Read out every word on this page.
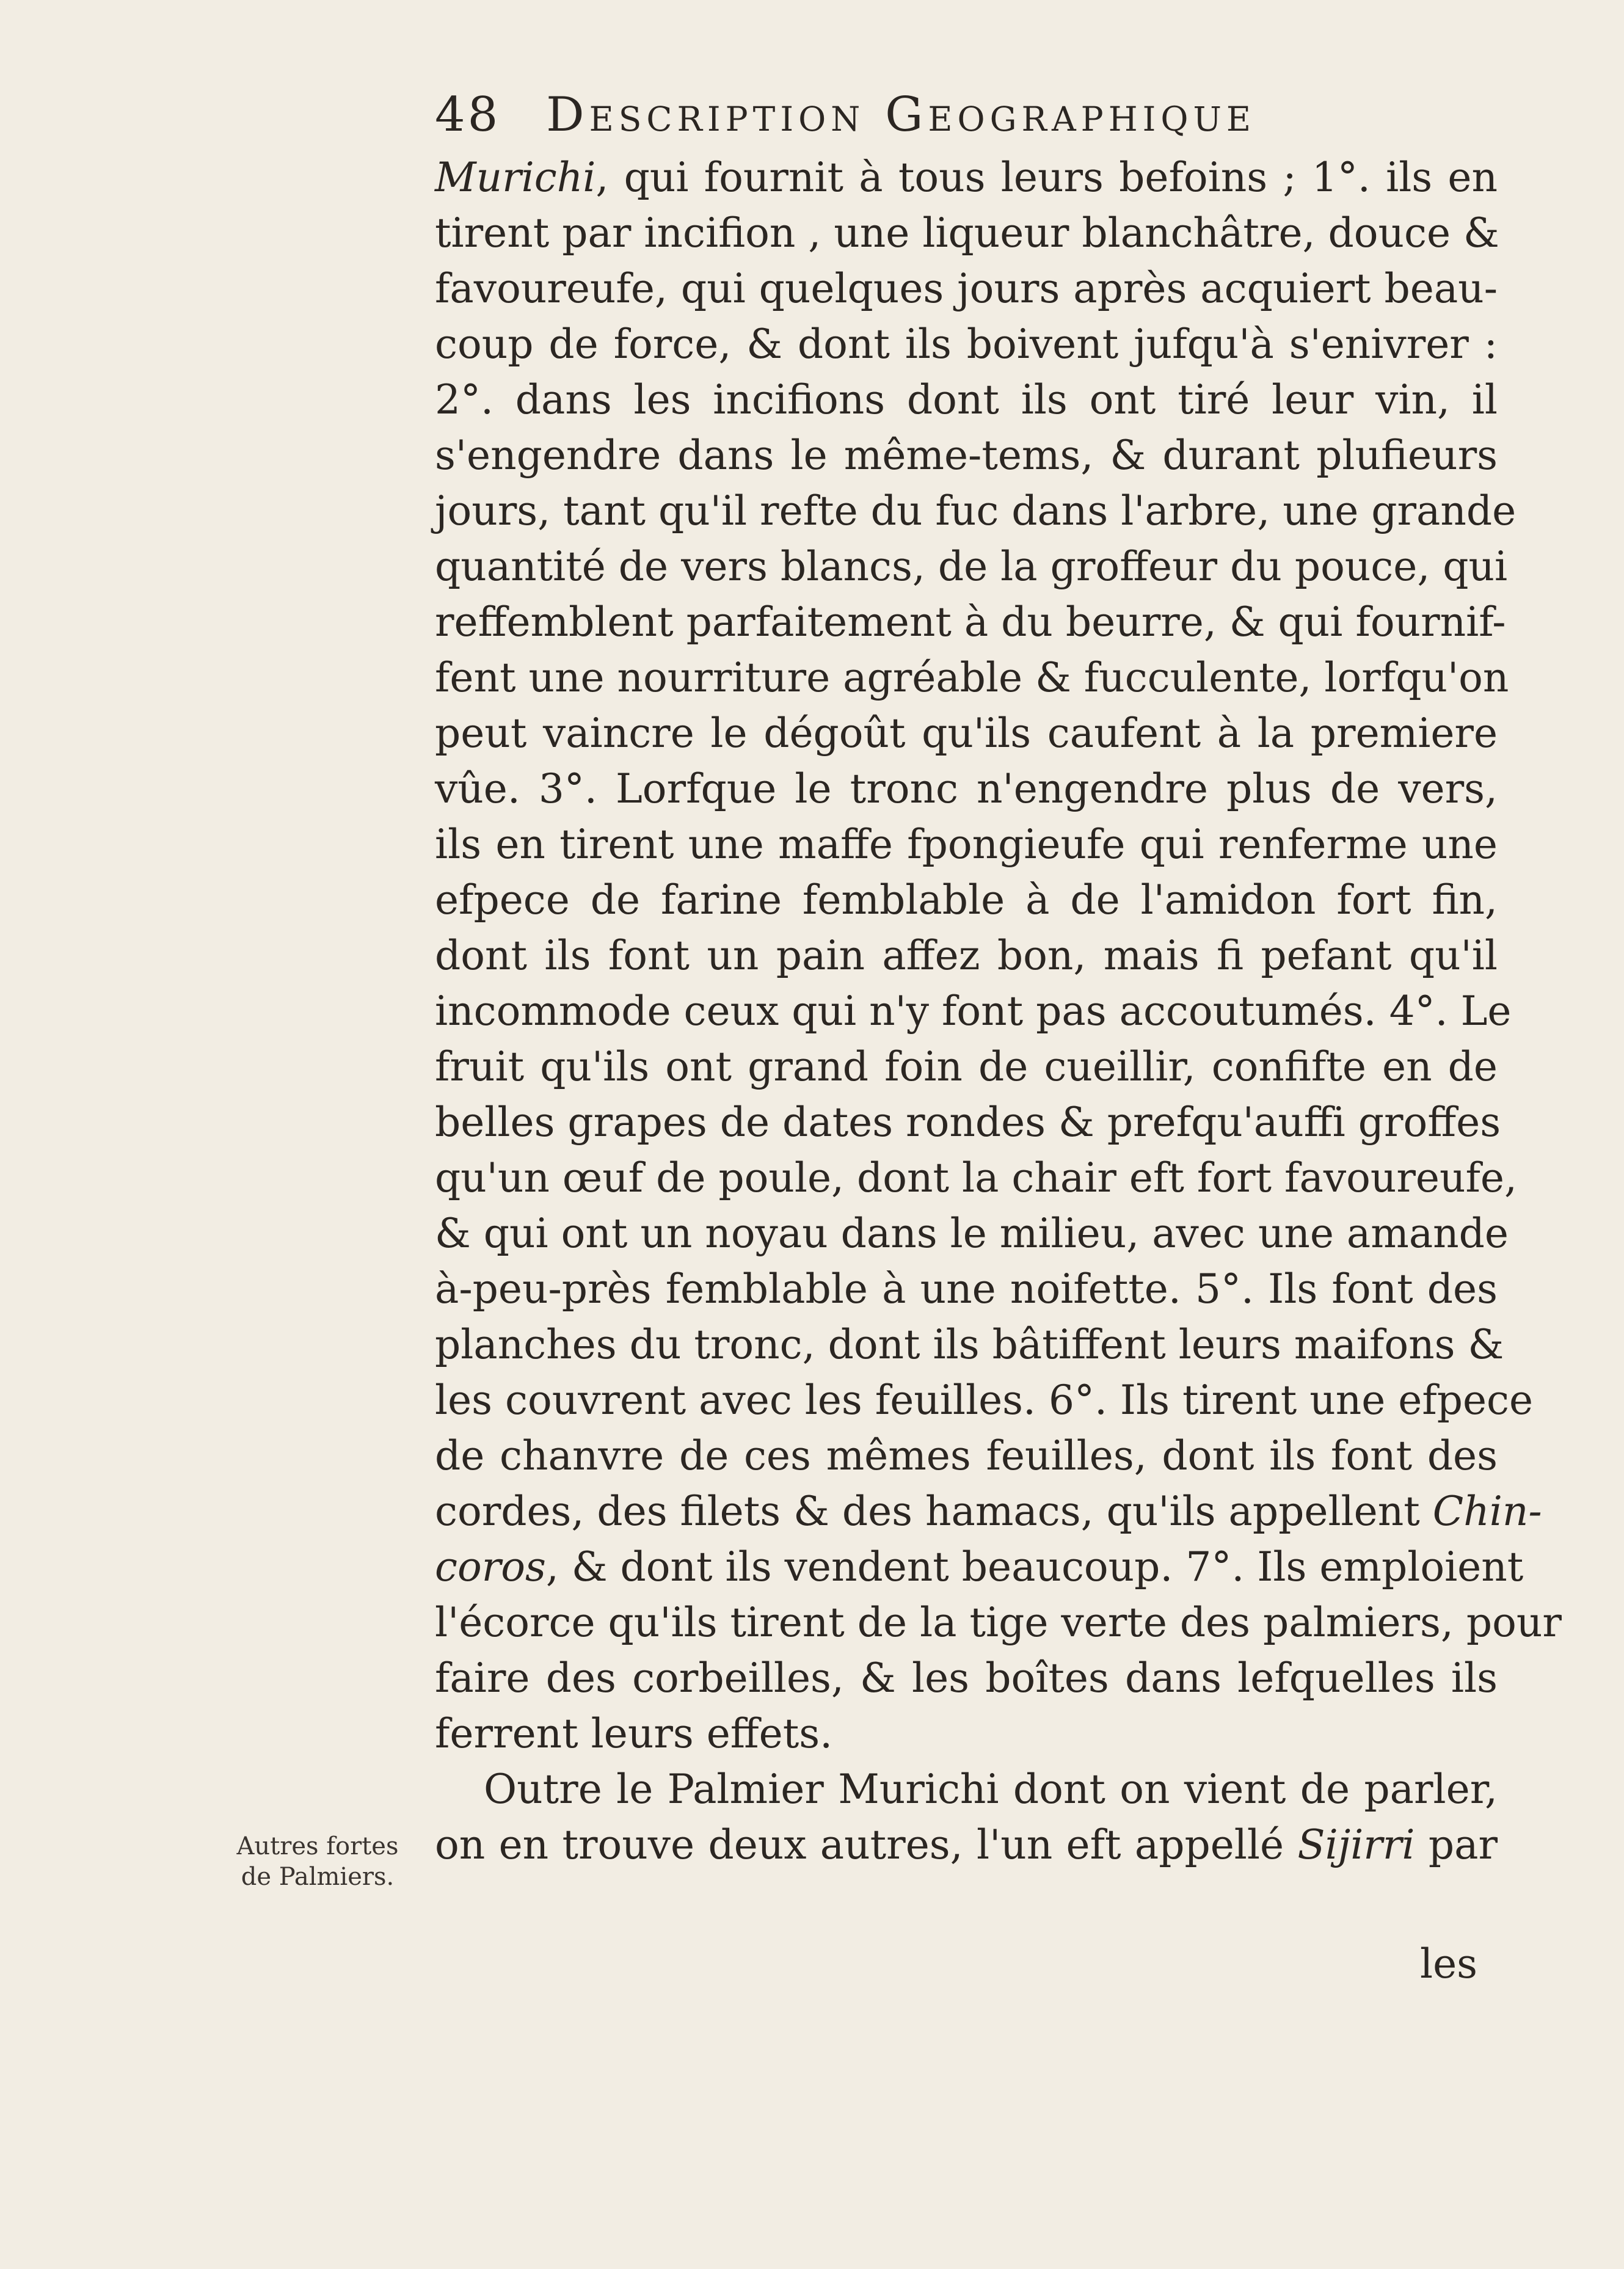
48 Description Geographique
Autres fortes
de Palmiers.
Murichi, qui fournit à tous leurs befoins ; 1°. ils en
tirent par incifion , une liqueur blanchâtre, douce &
favoureufe, qui quelques jours après acquiert beau-
coup de force, & dont ils boivent jufqu'à s'enivrer :
2°. dans les incifions dont ils ont tiré leur vin, il
s'engendre dans le même-tems, & durant plufieurs
jours, tant qu'il refte du fuc dans l'arbre, une grande
quantité de vers blancs, de la groffeur du pouce, qui
reffemblent parfaitement à du beurre, & qui fournif-
fent une nourriture agréable & fucculente, lorfqu'on
peut vaincre le dégoût qu'ils caufent à la premiere
vûe. 3°. Lorfque le tronc n'engendre plus de vers,
ils en tirent une maffe fpongieufe qui renferme une
efpece de farine femblable à de l'amidon fort fin,
dont ils font un pain affez bon, mais fi pefant qu'il
incommode ceux qui n'y font pas accoutumés. 4°. Le
fruit qu'ils ont grand foin de cueillir, confifte en de
belles grapes de dates rondes & prefqu'auffi groffes
qu'un œuf de poule, dont la chair eft fort favoureufe,
& qui ont un noyau dans le milieu, avec une amande
à-peu-près femblable à une noifette. 5°. Ils font des
planches du tronc, dont ils bâtiffent leurs maifons &
les couvrent avec les feuilles. 6°. Ils tirent une efpece
de chanvre de ces mêmes feuilles, dont ils font des
cordes, des filets & des hamacs, qu'ils appellent Chin-
coros, & dont ils vendent beaucoup. 7°. Ils emploient
l'écorce qu'ils tirent de la tige verte des palmiers, pour
faire des corbeilles, & les boîtes dans lefquelles ils
ferrent leurs effets.
Outre le Palmier Murichi dont on vient de parler,
on en trouve deux autres, l'un eft appellé Sijirri par
les
